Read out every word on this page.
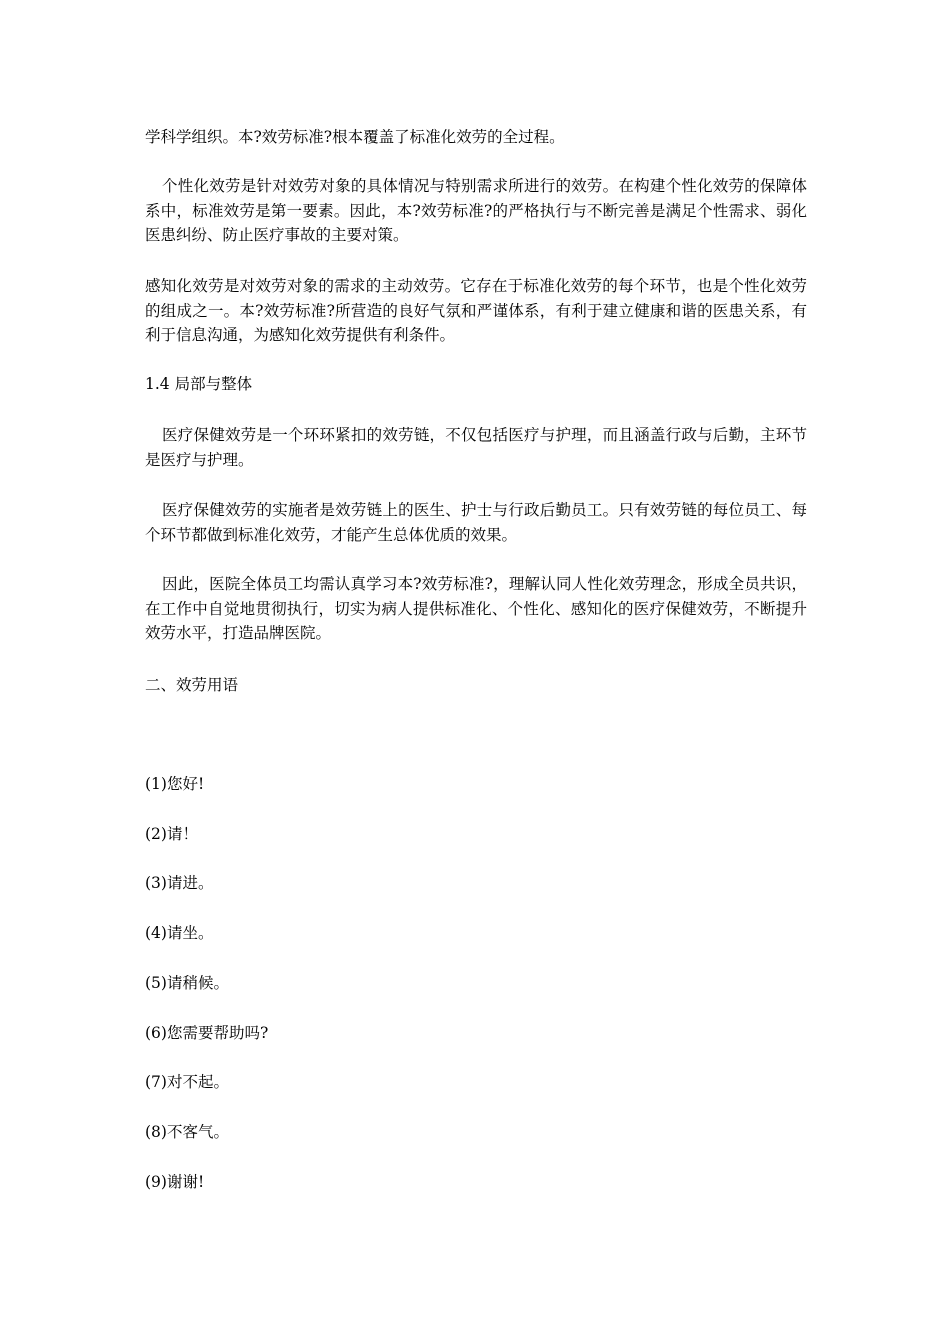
学科学组织。本?效劳标准?根本覆盖了标准化效劳的全过程。

个性化效劳是针对效劳对象的具体情况与特别需求所进行的效劳。在构建个性化效劳的保障体系中，标准效劳是第一要素。因此，本?效劳标准?的严格执行与不断完善是满足个性需求、弱化医患纠纷、防止医疗事故的主要对策。

感知化效劳是对效劳对象的需求的主动效劳。它存在于标准化效劳的每个环节，也是个性化效劳的组成之一。本?效劳标准?所营造的良好气氛和严谨体系，有利于建立健康和谐的医患关系，有利于信息沟通，为感知化效劳提供有利条件。

1.4 局部与整体

医疗保健效劳是一个环环紧扣的效劳链，不仅包括医疗与护理，而且涵盖行政与后勤，主环节是医疗与护理。

医疗保健效劳的实施者是效劳链上的医生、护士与行政后勤员工。只有效劳链的每位员工、每个环节都做到标准化效劳，才能产生总体优质的效果。

因此，医院全体员工均需认真学习本?效劳标准?，理解认同人性化效劳理念，形成全员共识，在工作中自觉地贯彻执行，切实为病人提供标准化、个性化、感知化的医疗保健效劳，不断提升效劳水平，打造品牌医院。

二、效劳用语

(1)您好!

(2)请！

(3)请进。

(4)请坐。

(5)请稍候。

(6)您需要帮助吗?

(7)对不起。

(8)不客气。

(9)谢谢!
